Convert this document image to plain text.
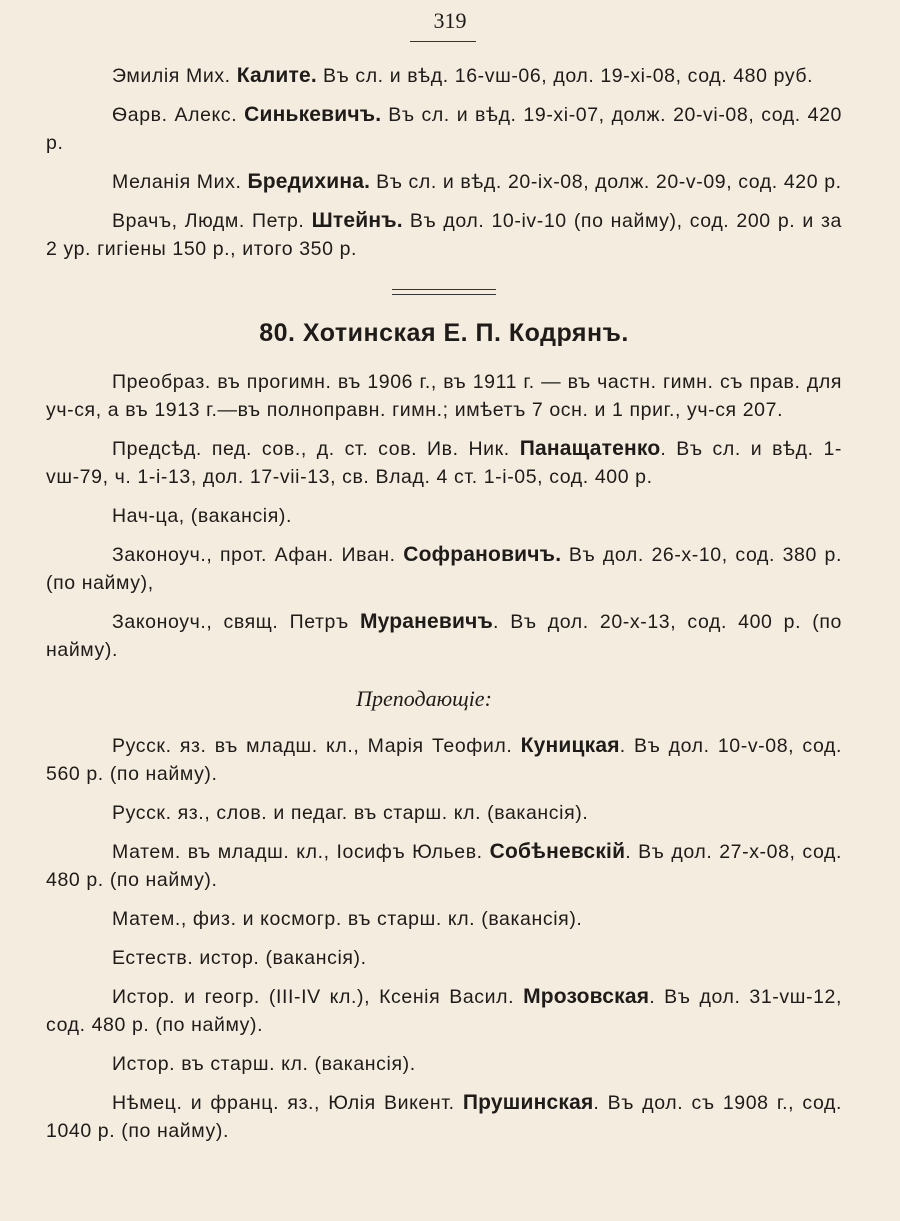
319

Эмилія Мих. Калите. Въ сл. и вѣд. 16-vш-06, дол. 19-xi-08, сод. 480 руб.

Ѳарв. Алекс. Синькевичъ. Въ сл. и вѣд. 19-xi-07, долж. 20-vi-08, сод. 420 р.

Меланія Мих. Бредихина. Въ сл. и вѣд. 20-ix-08, долж. 20-v-09, сод. 420 р.

Врачъ, Людм. Петр. Штейнъ. Въ дол. 10-iv-10 (по найму), сод. 200 р. и за 2 ур. гигіены 150 р., итого 350 р.

80. Хотинская Е. П. Кодрянъ.

Преобраз. въ прогимн. въ 1906 г., въ 1911 г. — въ частн. гимн. съ прав. для уч-ся, а въ 1913 г.—въ полноправн. гимн.; имѣетъ 7 осн. и 1 приг., уч-ся 207.

Предсѣд. пед. сов., д. ст. сов. Ив. Ник. Панащатенко. Въ сл. и вѣд. 1-vш-79, ч. 1-i-13, дол. 17-vii-13, св. Влад. 4 ст. 1-i-05, сод. 400 р.

Нач-ца, (вакансія).

Законоуч., прот. Афан. Иван. Софрановичъ. Въ дол. 26-x-10, сод. 380 р. (по найму),

Законоуч., свящ. Петръ Мураневичъ. Въ дол. 20-x-13, сод. 400 р. (по найму).

Преподающіе:

Русск. яз. въ младш. кл., Марія Теофил. Куницкая. Въ дол. 10-v-08, сод. 560 р. (по найму).

Русск. яз., слов. и педаг. въ старш. кл. (вакансія).

Матем. въ младш. кл., Іосифъ Юльев. Собѣневскій. Въ дол. 27-x-08, сод. 480 р. (по найму).

Матем., физ. и космогр. въ старш. кл. (вакансія).

Естеств. истор. (вакансія).

Истор. и геогр. (III-IV кл.), Ксенія Васил. Мрозовская. Въ дол. 31-vш-12, сод. 480 р. (по найму).

Истор. въ старш. кл. (вакансія).

Нѣмец. и франц. яз., Юлія Викент. Прушинская. Въ дол. съ 1908 г., сод. 1040 р. (по найму).
